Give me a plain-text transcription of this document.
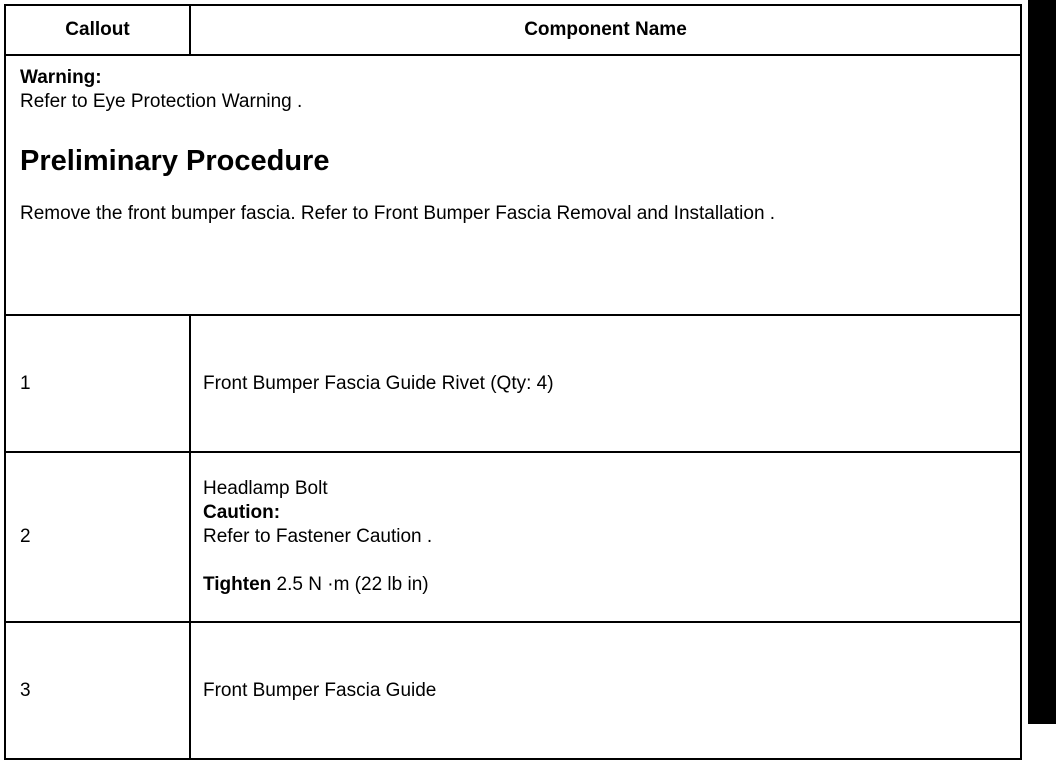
Callout	Component Name

Warning:
Refer to Eye Protection Warning .
Preliminary Procedure
Remove the front bumper fascia. Refer to Front Bumper Fascia Removal and Installation .	

1	Front Bumper Fascia Guide Rivet (Qty: 4)
2	Headlamp Bolt
Caution:
Refer to Fastener Caution .
Tighten 2.5 N ·m (22 lb in)

3	Front Bumper Fascia Guide
